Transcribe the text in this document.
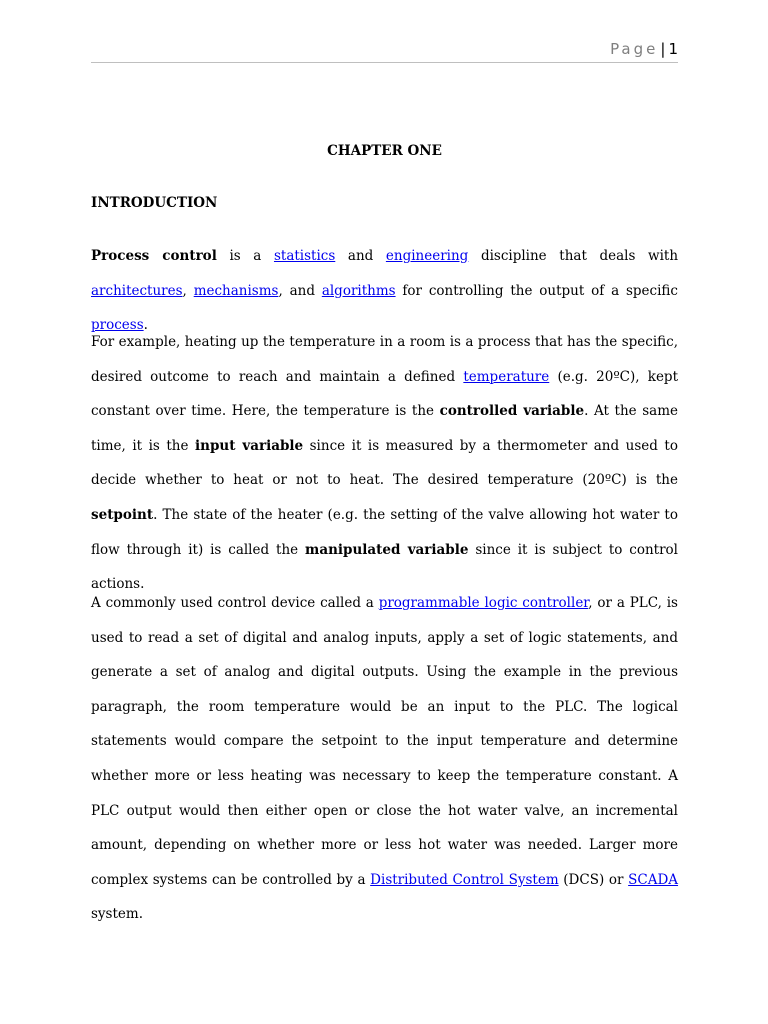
Page | 1
CHAPTER ONE
INTRODUCTION

Process control is a statistics and engineering discipline that deals with architectures, mechanisms, and algorithms for controlling the output of a specific process.

For example, heating up the temperature in a room is a process that has the specific, desired outcome to reach and maintain a defined temperature (e.g. 20ºC), kept constant over time. Here, the temperature is the controlled variable. At the same time, it is the input variable since it is measured by a thermometer and used to decide whether to heat or not to heat. The desired temperature (20ºC) is the setpoint. The state of the heater (e.g. the setting of the valve allowing hot water to flow through it) is called the manipulated variable since it is subject to control actions.

A commonly used control device called a programmable logic controller, or a PLC, is used to read a set of digital and analog inputs, apply a set of logic statements, and generate a set of analog and digital outputs. Using the example in the previous paragraph, the room temperature would be an input to the PLC. The logical statements would compare the setpoint to the input temperature and determine whether more or less heating was necessary to keep the temperature constant. A PLC output would then either open or close the hot water valve, an incremental amount, depending on whether more or less hot water was needed. Larger more complex systems can be controlled by a Distributed Control System (DCS) or SCADA system.
